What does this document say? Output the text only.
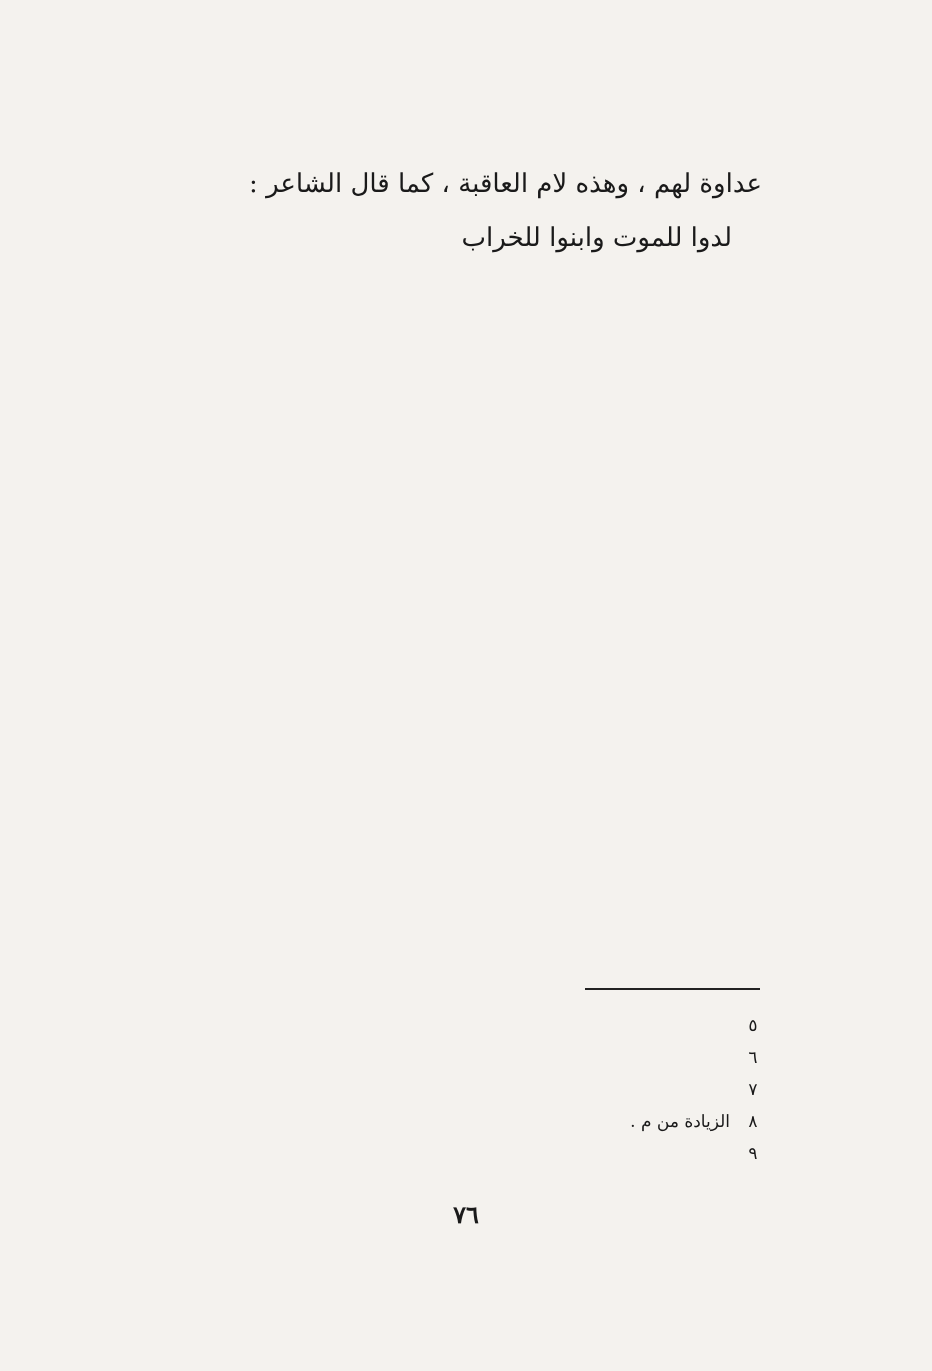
عداوة لهم ، وهذه لام العاقبة ، كما قال الشاعر :

لدوا للموت وابنوا للخراب

٥
٦
٧
٨
الزيادة من م .
٩
٧٦
